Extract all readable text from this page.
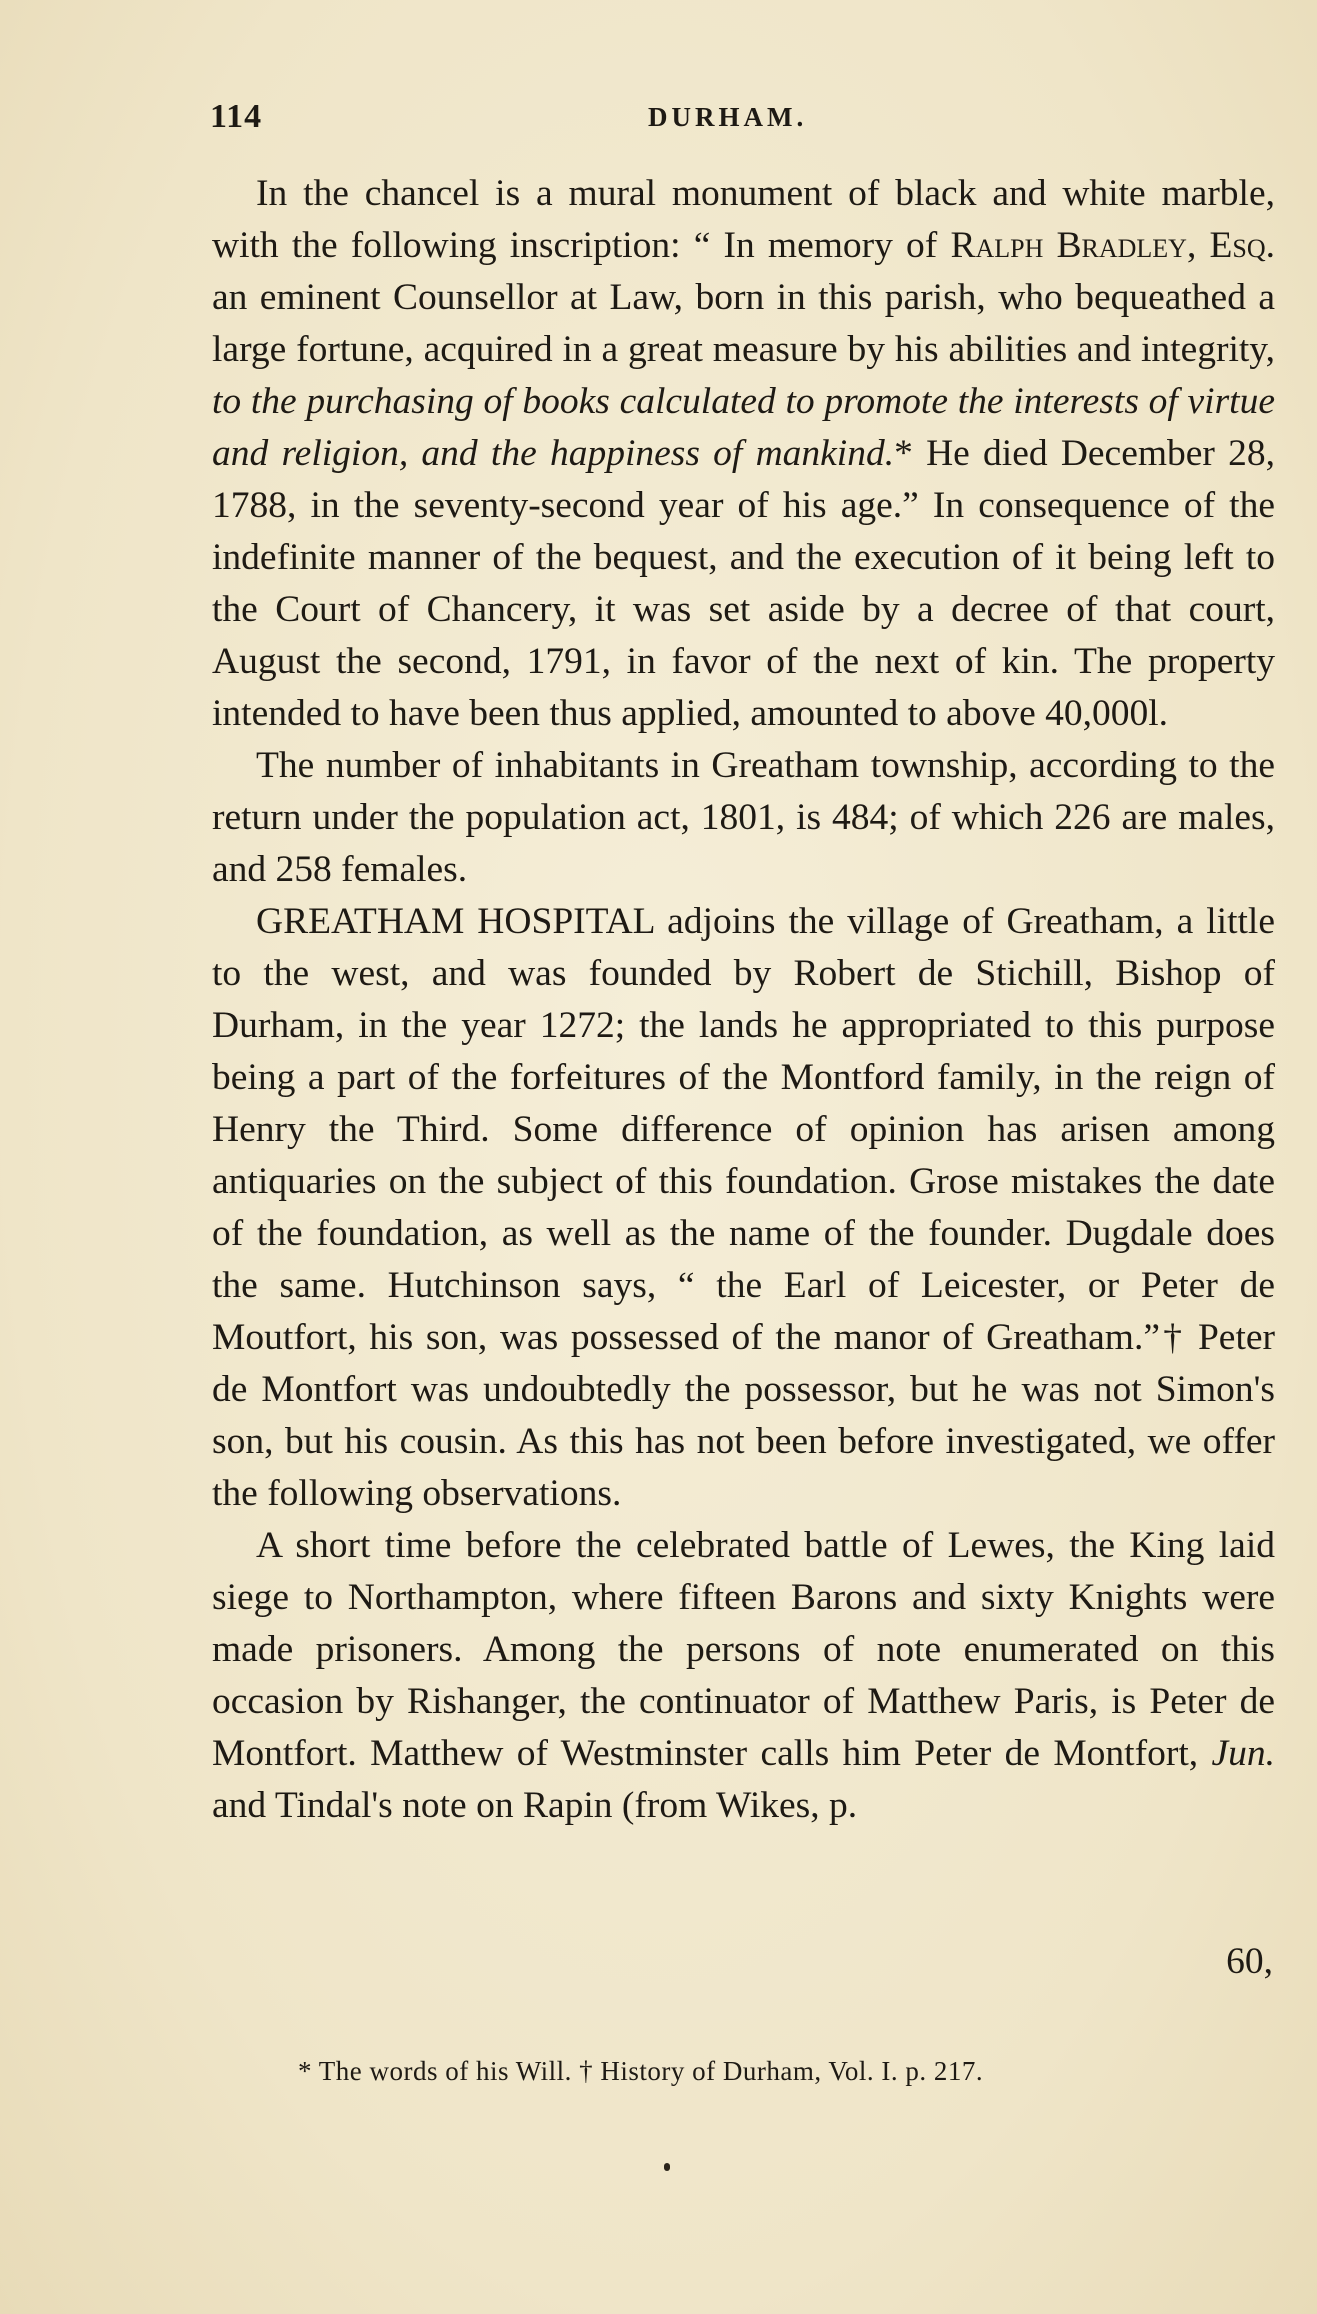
114	DURHAM.

In the chancel is a mural monument of black and white marble, with the following inscription: “ In memory of Ralph Bradley, Esq. an eminent Counsellor at Law, born in this parish, who bequeathed a large fortune, acquired in a great measure by his abilities and integrity, to the purchasing of books calculated to promote the interests of virtue and religion, and the happiness of mankind.* He died December 28, 1788, in the seventy-second year of his age.” In consequence of the indefinite manner of the bequest, and the execution of it being left to the Court of Chancery, it was set aside by a decree of that court, August the second, 1791, in favor of the next of kin. The property intended to have been thus applied, amounted to above 40,000l.

The number of inhabitants in Greatham township, according to the return under the population act, 1801, is 484; of which 226 are males, and 258 females.

GREATHAM HOSPITAL adjoins the village of Greatham, a little to the west, and was founded by Robert de Stichill, Bishop of Durham, in the year 1272; the lands he appropriated to this purpose being a part of the forfeitures of the Montford family, in the reign of Henry the Third. Some difference of opinion has arisen among antiquaries on the subject of this foundation. Grose mistakes the date of the foundation, as well as the name of the founder. Dugdale does the same. Hutchinson says, “ the Earl of Leicester, or Peter de Moutfort, his son, was possessed of the manor of Greatham.”† Peter de Montfort was undoubtedly the possessor, but he was not Simon's son, but his cousin. As this has not been before investigated, we offer the following observations.

A short time before the celebrated battle of Lewes, the King laid siege to Northampton, where fifteen Barons and sixty Knights were made prisoners. Among the persons of note enumerated on this occasion by Rishanger, the continuator of Matthew Paris, is Peter de Montfort. Matthew of Westminster calls him Peter de Montfort, Jun. and Tindal's note on Rapin (from Wikes, p.

60,
* The words of his Will. † History of Durham, Vol. I. p. 217.
